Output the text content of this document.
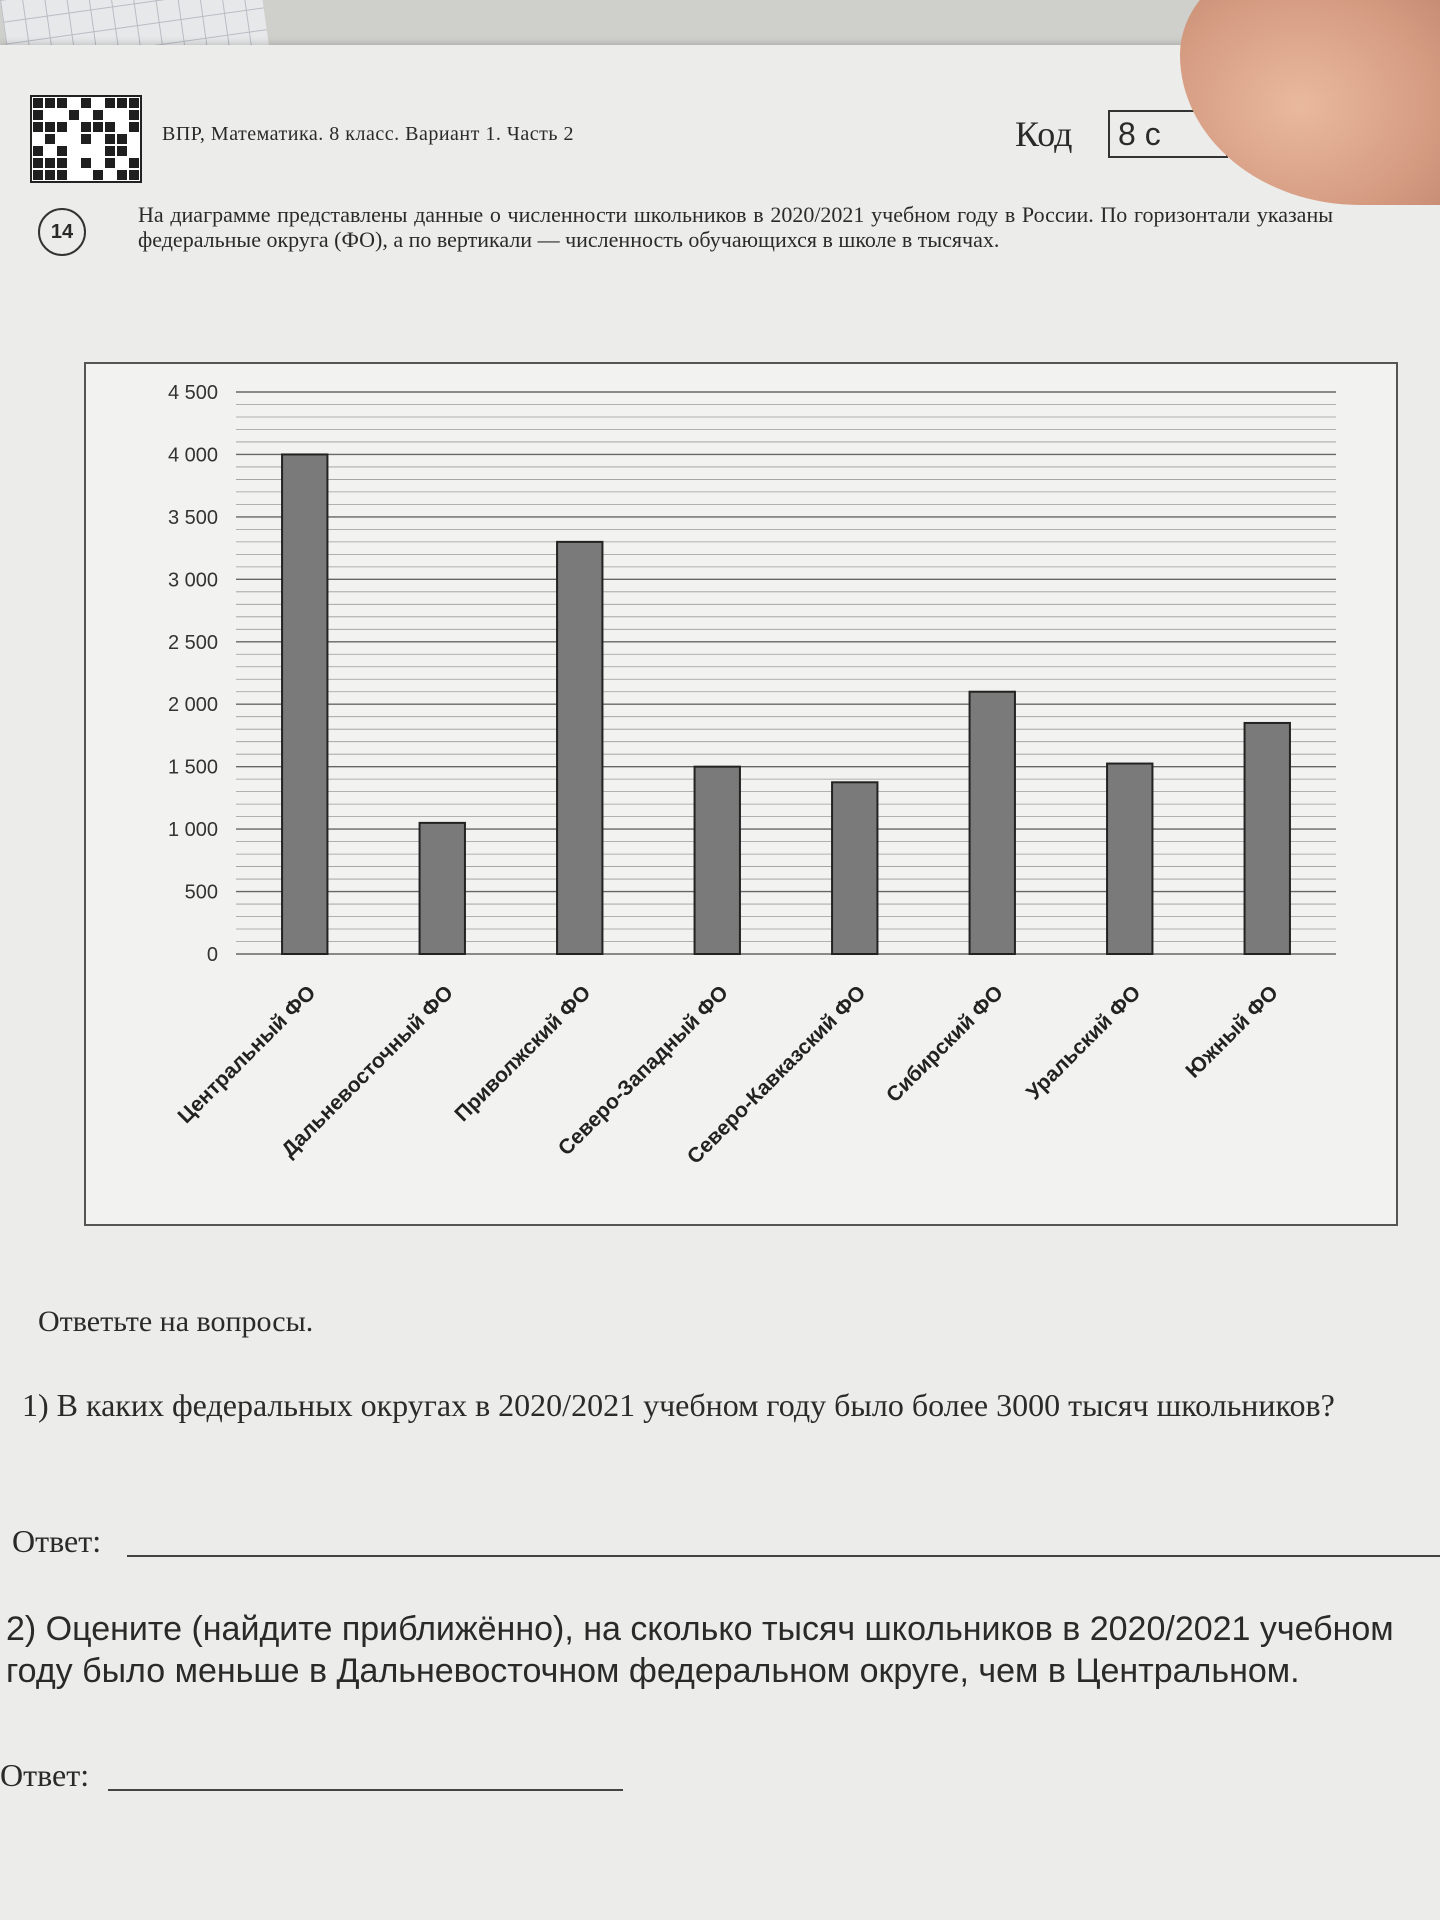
ВПР, Математика. 8 класс. Вариант 1. Часть 2	Код	8 с
14
На диаграмме представлены данные о численности школьников в 2020/2021 учебном году в России. По горизонтали указаны федеральные округа (ФО), а по вертикали — численность обучающихся в школе в тысячах.
0
500
1 000
1 500
2 000
2 500
3 000
3 500
4 000
4 500
Центральный ФО
Дальневосточный ФО
Приволжский ФО
Северо-Западный ФО
Северо-Кавказский ФО Сибирский ФО Уральский ФО Южный ФО
Ответьте на вопросы.
1) В каких федеральных округах в 2020/2021 учебном году было более 3000 тысяч школьников?
Ответ:
2) Оцените (найдите приближённо), на сколько тысяч школьников в 2020/2021 учебном году было меньше в Дальневосточном федеральном округе, чем в Центральном.
Ответ:
